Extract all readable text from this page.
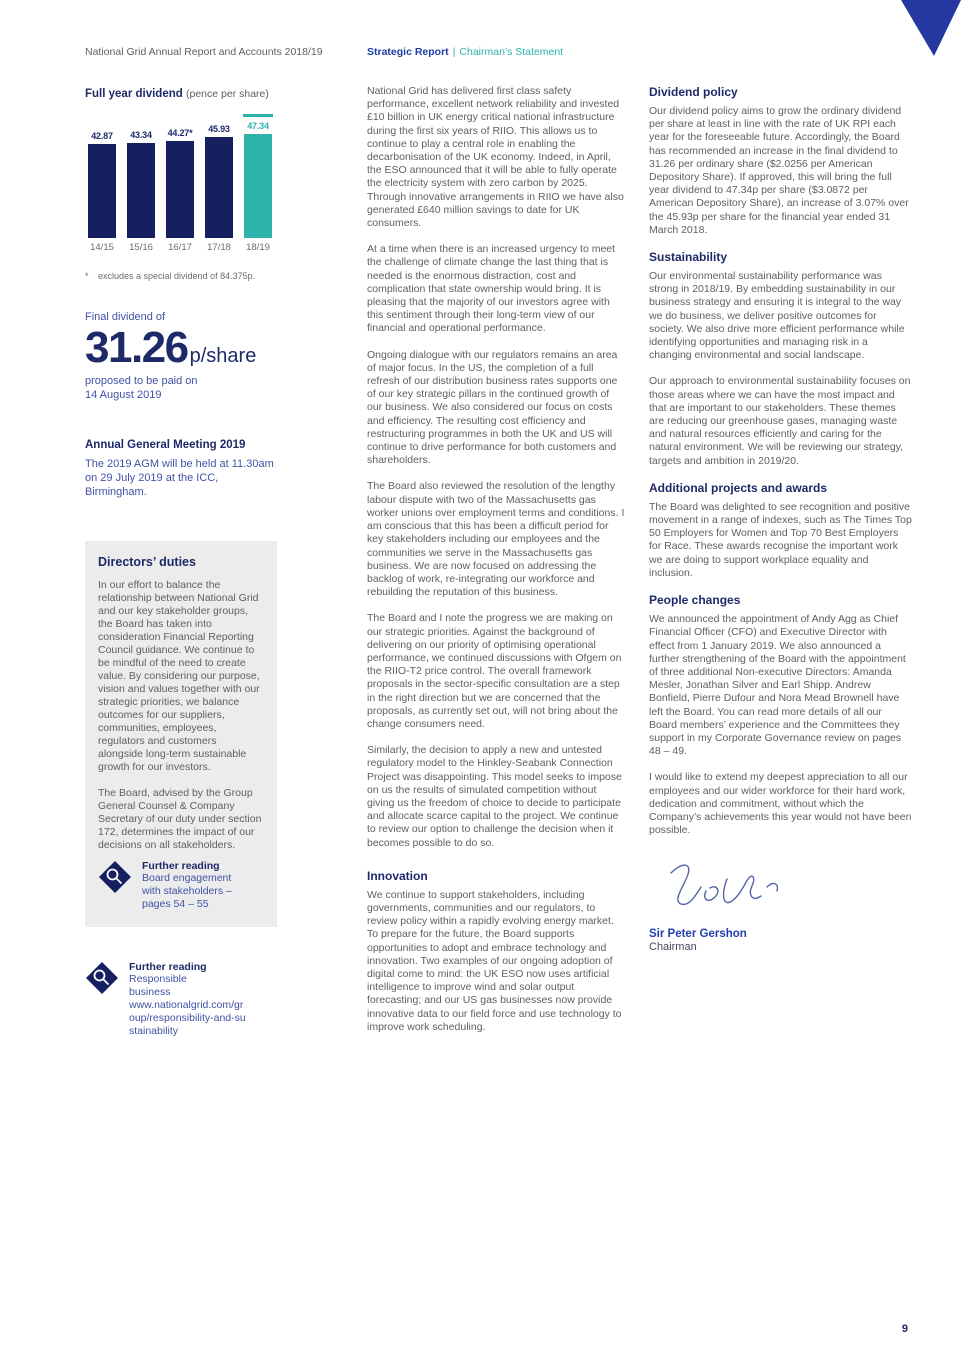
National Grid Annual Report and Accounts 2018/19	Strategic Report | Chairman’s Statement
Full year dividend (pence per share)
42.87
14/15
43.34
15/16
44.27*
16/17
45.93
17/18
47.34
18/19
*	excludes a special dividend of 84.375p.
Final dividend of
31.26 p/share
proposed to be paid on
14 August 2019
Annual General Meeting 2019
The 2019 AGM will be held at 11.30am on 29 July 2019 at the ICC, Birmingham.
Directors’ duties

In our effort to balance the relationship between National Grid and our key stakeholder groups, the Board has taken into consideration Financial Reporting Council guidance. We continue to be mindful of the need to create value. By considering our purpose, vision and values together with our strategic priorities, we balance outcomes for our suppliers, communities, employees, regulators and customers alongside long-term sustainable growth for our investors.

The Board, advised by the Group General Counsel & Company Secretary of our duty under section 172, determines the impact of our decisions on all stakeholders.

Further reading
Board engagement with stakeholders – pages 54 – 55
Further reading
Responsible business
www.nationalgrid.com/group/responsibility-and-sustainability

National Grid has delivered first class safety performance, excellent network reliability and invested £10 billion in UK energy critical national infrastructure during the first six years of RIIO. This allows us to continue to play a central role in enabling the decarbonisation of the UK economy. Indeed, in April, the ESO announced that it will be able to fully operate the electricity system with zero carbon by 2025. Through innovative arrangements in RIIO we have also generated £640 million savings to date for UK consumers.

At a time when there is an increased urgency to meet the challenge of climate change the last thing that is needed is the enormous distraction, cost and complication that state ownership would bring. It is pleasing that the majority of our investors agree with this sentiment through their long-term view of our financial and operational performance.

Ongoing dialogue with our regulators remains an area of major focus. In the US, the completion of a full refresh of our distribution business rates supports one of our key strategic pillars in the continued growth of our business. We also considered our focus on costs and efficiency. The resulting cost efficiency and restructuring programmes in both the UK and US will continue to drive performance for both customers and shareholders.

The Board also reviewed the resolution of the lengthy labour dispute with two of the Massachusetts gas worker unions over employment terms and conditions. I am conscious that this has been a difficult period for key stakeholders including our employees and the communities we serve in the Massachusetts gas business. We are now focused on addressing the backlog of work, re-integrating our workforce and rebuilding the reputation of this business.

The Board and I note the progress we are making on our strategic priorities. Against the background of delivering on our priority of optimising operational performance, we continued discussions with Ofgem on the RIIO-T2 price control. The overall framework proposals in the sector-specific consultation are a step in the right direction but we are concerned that the proposals, as currently set out, will not bring about the change consumers need.

Similarly, the decision to apply a new and untested regulatory model to the Hinkley-Seabank Connection Project was disappointing. This model seeks to impose on us the results of simulated competition without giving us the freedom of choice to decide to participate and allocate scarce capital to the project. We continue to review our option to challenge the decision when it becomes possible to do so.

Innovation

We continue to support stakeholders, including governments, communities and our regulators, to review policy within a rapidly evolving energy market. To prepare for the future, the Board supports opportunities to adopt and embrace technology and innovation. Two examples of our ongoing adoption of digital come to mind: the UK ESO now uses artificial intelligence to improve wind and solar output forecasting; and our US gas businesses now provide innovative data to our field force and use technology to improve work scheduling.

Dividend policy

Our dividend policy aims to grow the ordinary dividend per share at least in line with the rate of UK RPI each year for the foreseeable future. Accordingly, the Board has recommended an increase in the final dividend to 31.26 per ordinary share ($2.0256 per American Depository Share). If approved, this will bring the full year dividend to 47.34p per share ($3.0872 per American Depository Share), an increase of 3.07% over the 45.93p per share for the financial year ended 31 March 2018.

Sustainability

Our environmental sustainability performance was strong in 2018/19. By embedding sustainability in our business strategy and ensuring it is integral to the way we do business, we deliver positive outcomes for society. We also drive more efficient performance while identifying opportunities and managing risk in a changing environmental and social landscape.

Our approach to environmental sustainability focuses on those areas where we can have the most impact and that are important to our stakeholders. These themes are reducing our greenhouse gases, managing waste and natural resources efficiently and caring for the natural environment. We will be reviewing our strategy, targets and ambition in 2019/20.

Additional projects and awards

The Board was delighted to see recognition and positive movement in a range of indexes, such as The Times Top 50 Employers for Women and Top 70 Best Employers for Race. These awards recognise the important work we are doing to support workplace equality and inclusion.

People changes

We announced the appointment of Andy Agg as Chief Financial Officer (CFO) and Executive Director with effect from 1 January 2019. We also announced a further strengthening of the Board with the appointment of three additional Non-executive Directors: Amanda Mesler, Jonathan Silver and Earl Shipp. Andrew Bonfield, Pierre Dufour and Nora Mead Brownell have left the Board. You can read more details of all our Board members’ experience and the Committees they support in my Corporate Governance review on pages 48 – 49.

I would like to extend my deepest appreciation to all our employees and our wider workforce for their hard work, dedication and commitment, without which the Company’s achievements this year would not have been possible.

Sir Peter Gershon
Chairman
9
